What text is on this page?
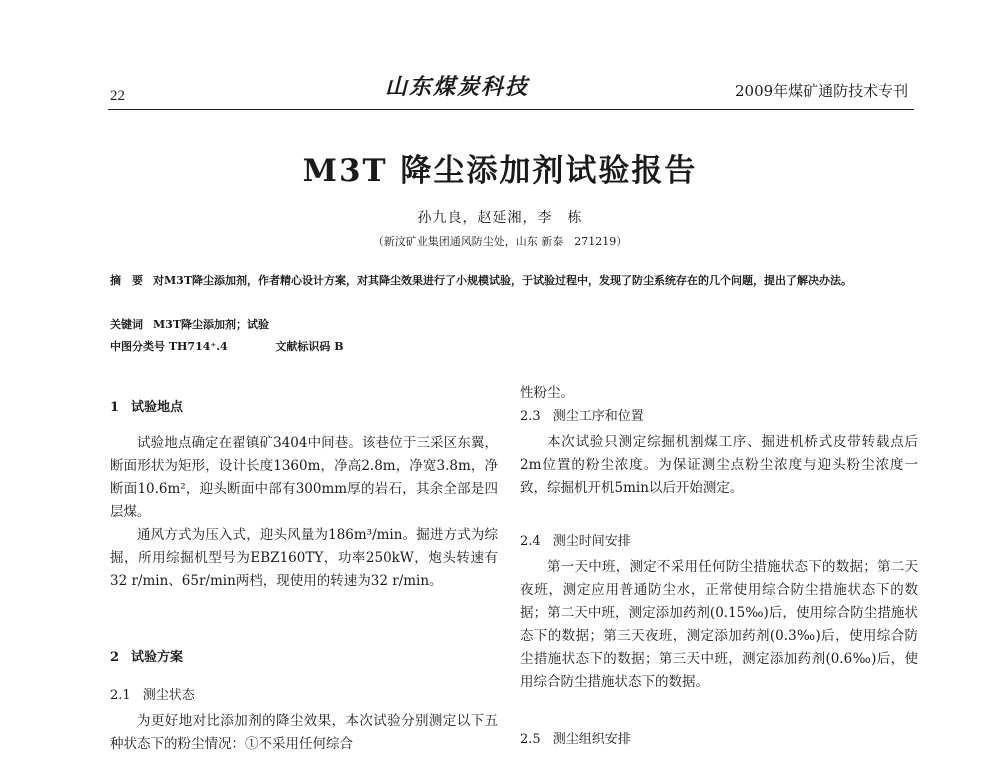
22	山东煤炭科技	2009年煤矿通防技术专刊
M3T 降尘添加剂试验报告
孙九良，赵延湘，李　栋
（新汶矿业集团通风防尘处，山东 新泰　271219）
摘　要 对M3T降尘添加剂，作者精心设计方案，对其降尘效果进行了小规模试验，于试验过程中，发现了防尘系统存在的几个问题，提出了解决办法。
关键词 M3T降尘添加剂；试验
中图分类号 TH714⁺.4	文献标识码 B
1 试验地点

试验地点确定在翟镇矿3404中间巷。该巷位于三采区东翼，断面形状为矩形，设计长度1360m，净高2.8m，净宽3.8m，净断面10.6m²，迎头断面中部有300mm厚的岩石，其余全部是四层煤。

通风方式为压入式，迎头风量为186m³/min。掘进方式为综掘，所用综掘机型号为EBZ160TY，功率250kW，炮头转速有32 r/min、65r/min两档，现使用的转速为32 r/min。

2 试验方案
2.1 测尘状态

为更好地对比添加剂的降尘效果，本次试验分别测定以下五种状态下的粉尘情况：①不采用任何综合

性粉尘。
2.3 测尘工序和位置

本次试验只测定综掘机割煤工序、掘进机桥式皮带转载点后2m位置的粉尘浓度。为保证测尘点粉尘浓度与迎头粉尘浓度一致，综掘机开机5min以后开始测定。

2.4 测尘时间安排

第一天中班，测定不采用任何防尘措施状态下的数据；第二天夜班，测定应用普通防尘水，正常使用综合防尘措施状态下的数据；第二天中班，测定添加药剂(0.15‰)后，使用综合防尘措施状态下的数据；第三天夜班，测定添加药剂(0.3‰)后，使用综合防尘措施状态下的数据；第三天中班，测定添加药剂(0.6‰)后，使用综合防尘措施状态下的数据。

2.5 测尘组织安排
